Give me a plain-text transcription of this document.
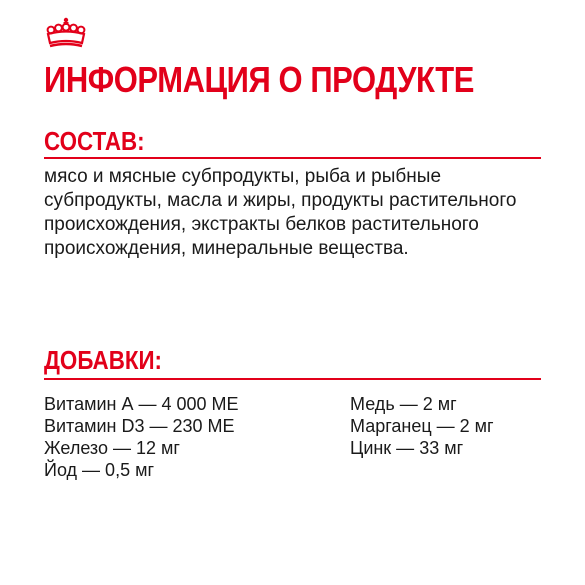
ИНФОРМАЦИЯ О ПРОДУКТЕ
СОСТАВ:

мясо и мясные субпродукты, рыба и рыбные субпродукты, масла и жиры, продукты растительного происхождения, экстракты белков растительного происхождения, минеральные вещества.

ДОБАВКИ:
Витамин А — 4 000 МЕ
Витамин D3 — 230 МЕ
Железо — 12 мг
Йод — 0,5 мг
Медь — 2 мг
Марганец — 2 мг
Цинк — 33 мг
